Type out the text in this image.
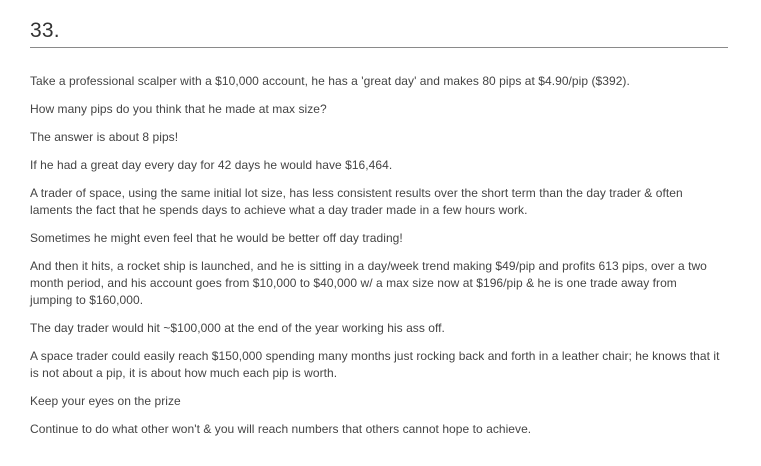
33.

Take a professional scalper with a $10,000 account, he has a 'great day' and makes 80 pips at $4.90/pip ($392).

How many pips do you think that he made at max size?

The answer is about 8 pips!

If he had a great day every day for 42 days he would have $16,464.

A trader of space, using the same initial lot size, has less consistent results over the short term than the day trader & often laments the fact that he spends days to achieve what a day trader made in a few hours work.

Sometimes he might even feel that he would be better off day trading!

And then it hits, a rocket ship is launched, and he is sitting in a day/week trend making $49/pip and profits 613 pips, over a two month period, and his account goes from $10,000 to $40,000 w/ a max size now at $196/pip & he is one trade away from jumping to $160,000.

The day trader would hit ~$100,000 at the end of the year working his ass off.

A space trader could easily reach $150,000 spending many months just rocking back and forth in a leather chair; he knows that it is not about a pip, it is about how much each pip is worth.

Keep your eyes on the prize

Continue to do what other won't & you will reach numbers that others cannot hope to achieve.
